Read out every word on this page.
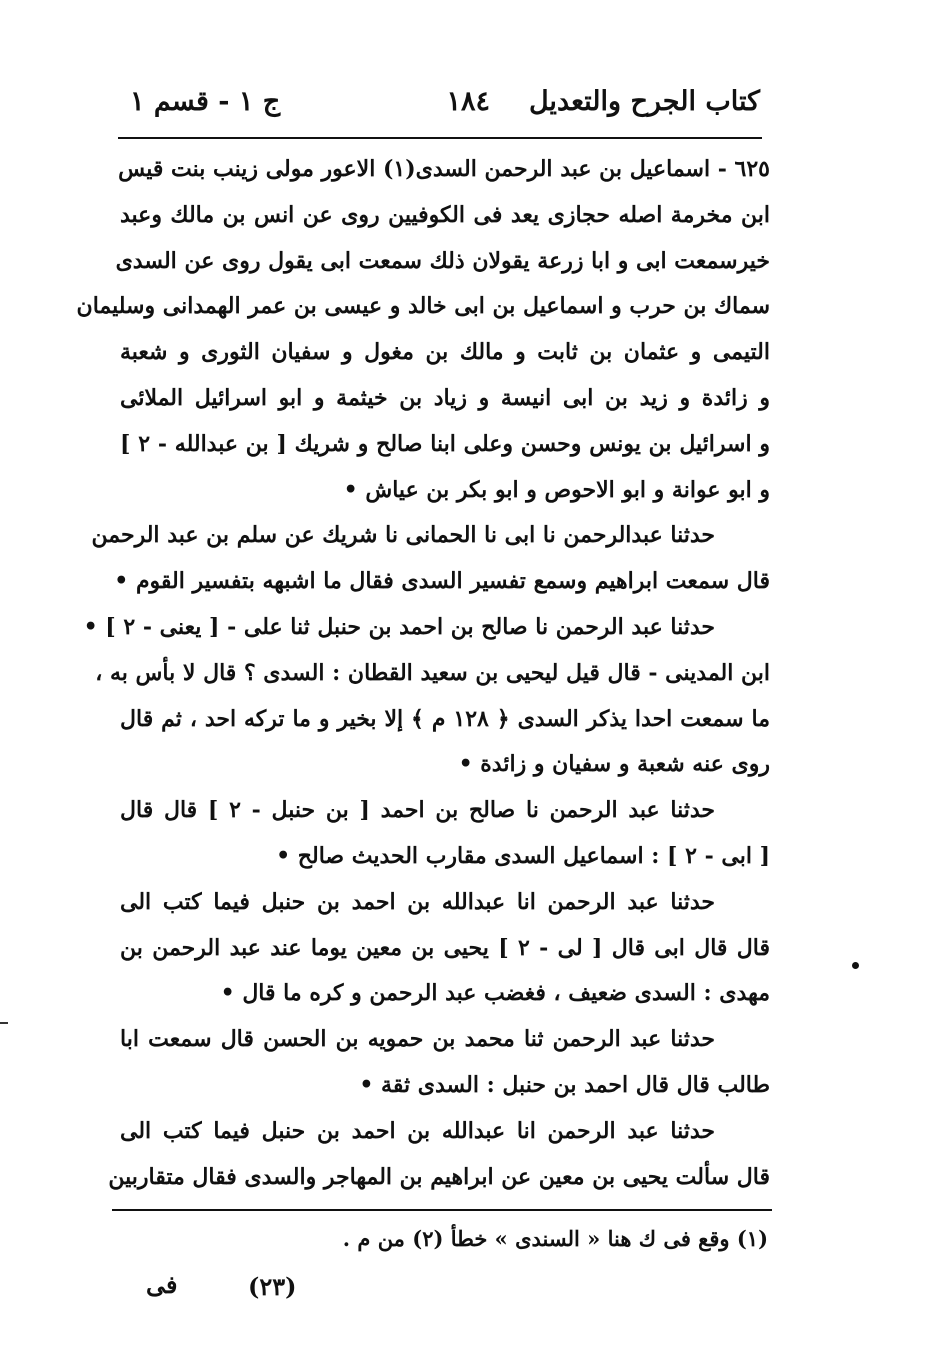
كتاب الجرح والتعديل
١٨٤
ج ١ - قسم ١
٦٢٥ - اسماعيل بن عبد الرحمن السدى(١) الاعور مولى زينب بنت قيس
ابن مخرمة اصله حجازى يعد فى الكوفيين روى عن انس بن مالك وعبد
خيرسمعت ابى و ابا زرعة يقولان ذلك سمعت ابى يقول روى عن السدى
سماك بن حرب و اسماعيل بن ابى خالد و عيسى بن عمر الهمدانى وسليمان
التيمى و عثمان بن ثابت و مالك بن مغول و سفيان الثورى و شعبة
و زائدة و زيد بن ابى انيسة و زياد بن خيثمة و ابو اسرائيل الملائى
و اسرائيل بن يونس وحسن وعلى ابنا صالح و شريك [ بن عبدالله - ٢ ]
و ابو عوانة و ابو الاحوص و ابو بكر بن عياش •
حدثنا عبدالرحمن نا ابى نا الحمانى نا شريك عن سلم بن عبد الرحمن
قال سمعت ابراهيم وسمع تفسير السدى فقال ما اشبهه بتفسير القوم •
حدثنا عبد الرحمن نا صالح بن احمد بن حنبل ثنا على - [ يعنى - ٢ ] •
ابن المدينى - قال قيل ليحيى بن سعيد القطان : السدى ؟ قال لا بأس به ،
ما سمعت احدا يذكر السدى ﴿ ١٢٨ م ﴾ إلا بخير و ما تركه احد ، ثم قال
روى عنه شعبة و سفيان و زائدة •
حدثنا عبد الرحمن نا صالح بن احمد [ بن حنبل - ٢ ] قال قال
[ ابى - ٢ ] : اسماعيل السدى مقارب الحديث صالح •
حدثنا عبد الرحمن انا عبدالله بن احمد بن حنبل فيما كتب الى
قال قال ابى قال [ لى - ٢ ] يحيى بن معين يوما عند عبد الرحمن بن
مهدى : السدى ضعيف ، فغضب عبد الرحمن و كره ما قال •
حدثنا عبد الرحمن ثنا محمد بن حمويه بن الحسن قال سمعت ابا
طالب قال قال احمد بن حنبل : السدى ثقة •
حدثنا عبد الرحمن انا عبدالله بن احمد بن حنبل فيما كتب الى
قال سألت يحيى بن معين عن ابراهيم بن المهاجر والسدى فقال متقاربين
(١) وقع فى ك هنا « السندى » خطأ (٢) من م .
(٢٣)
فى
